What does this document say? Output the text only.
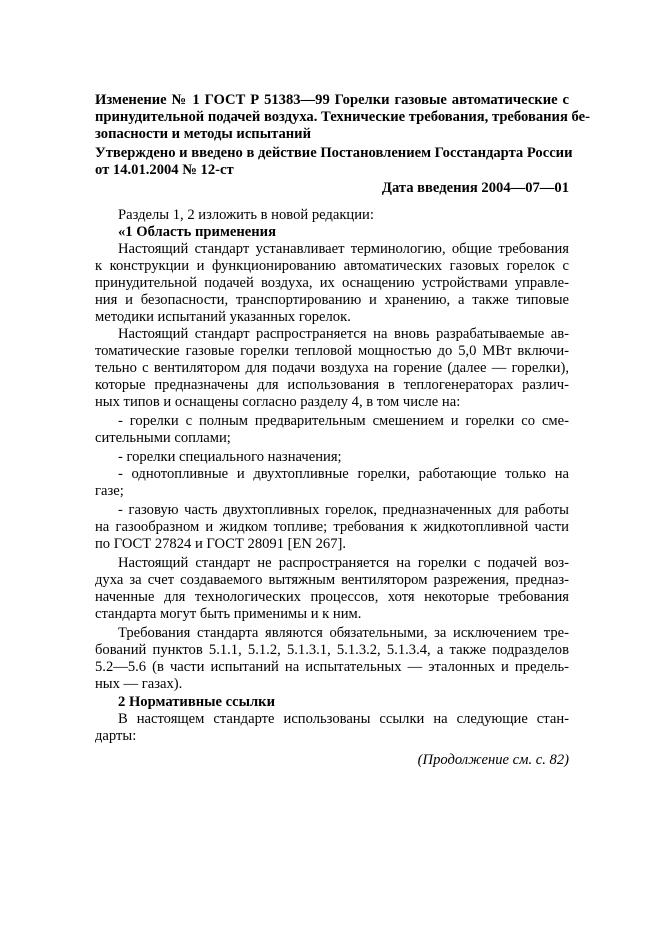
Изменение № 1 ГОСТ Р 51383—99 Горелки газовые автоматические с
принудительной подачей воздуха. Технические требования, требования бе-
зопасности и методы испытаний
Утверждено и введено в действие Постановлением Госстандарта России
от 14.01.2004 № 12-ст
Дата введения 2004—07—01
Разделы 1, 2 изложить в новой редакции:
«1 Область применения
Настоящий стандарт устанавливает терминологию, общие требования
к конструкции и функционированию автоматических газовых горелок с
принудительной подачей воздуха, их оснащению устройствами управле-
ния и безопасности, транспортированию и хранению, а также типовые
методики испытаний указанных горелок.
Настоящий стандарт распространяется на вновь разрабатываемые ав-
томатические газовые горелки тепловой мощностью до 5,0 МВт включи-
тельно с вентилятором для подачи воздуха на горение (далее — горелки),
которые предназначены для использования в теплогенераторах различ-
ных типов и оснащены согласно разделу 4, в том числе на:
- горелки с полным предварительным смешением и горелки со сме-
сительными соплами;
- горелки специального назначения;
- однотопливные и двухтопливные горелки, работающие только на
газе;
- газовую часть двухтопливных горелок, предназначенных для работы
на газообразном и жидком топливе; требования к жидкотопливной части
по ГОСТ 27824 и ГОСТ 28091 [EN 267].
Настоящий стандарт не распространяется на горелки с подачей воз-
духа за счет создаваемого вытяжным вентилятором разрежения, предназ-
наченные для технологических процессов, хотя некоторые требования
стандарта могут быть применимы и к ним.
Требования стандарта являются обязательными, за исключением тре-
бований пунктов 5.1.1, 5.1.2, 5.1.3.1, 5.1.3.2, 5.1.3.4, а также подразделов
5.2—5.6 (в части испытаний на испытательных — эталонных и предель-
ных — газах).
2 Нормативные ссылки
В настоящем стандарте использованы ссылки на следующие стан-
дарты:
(Продолжение см. с. 82)
